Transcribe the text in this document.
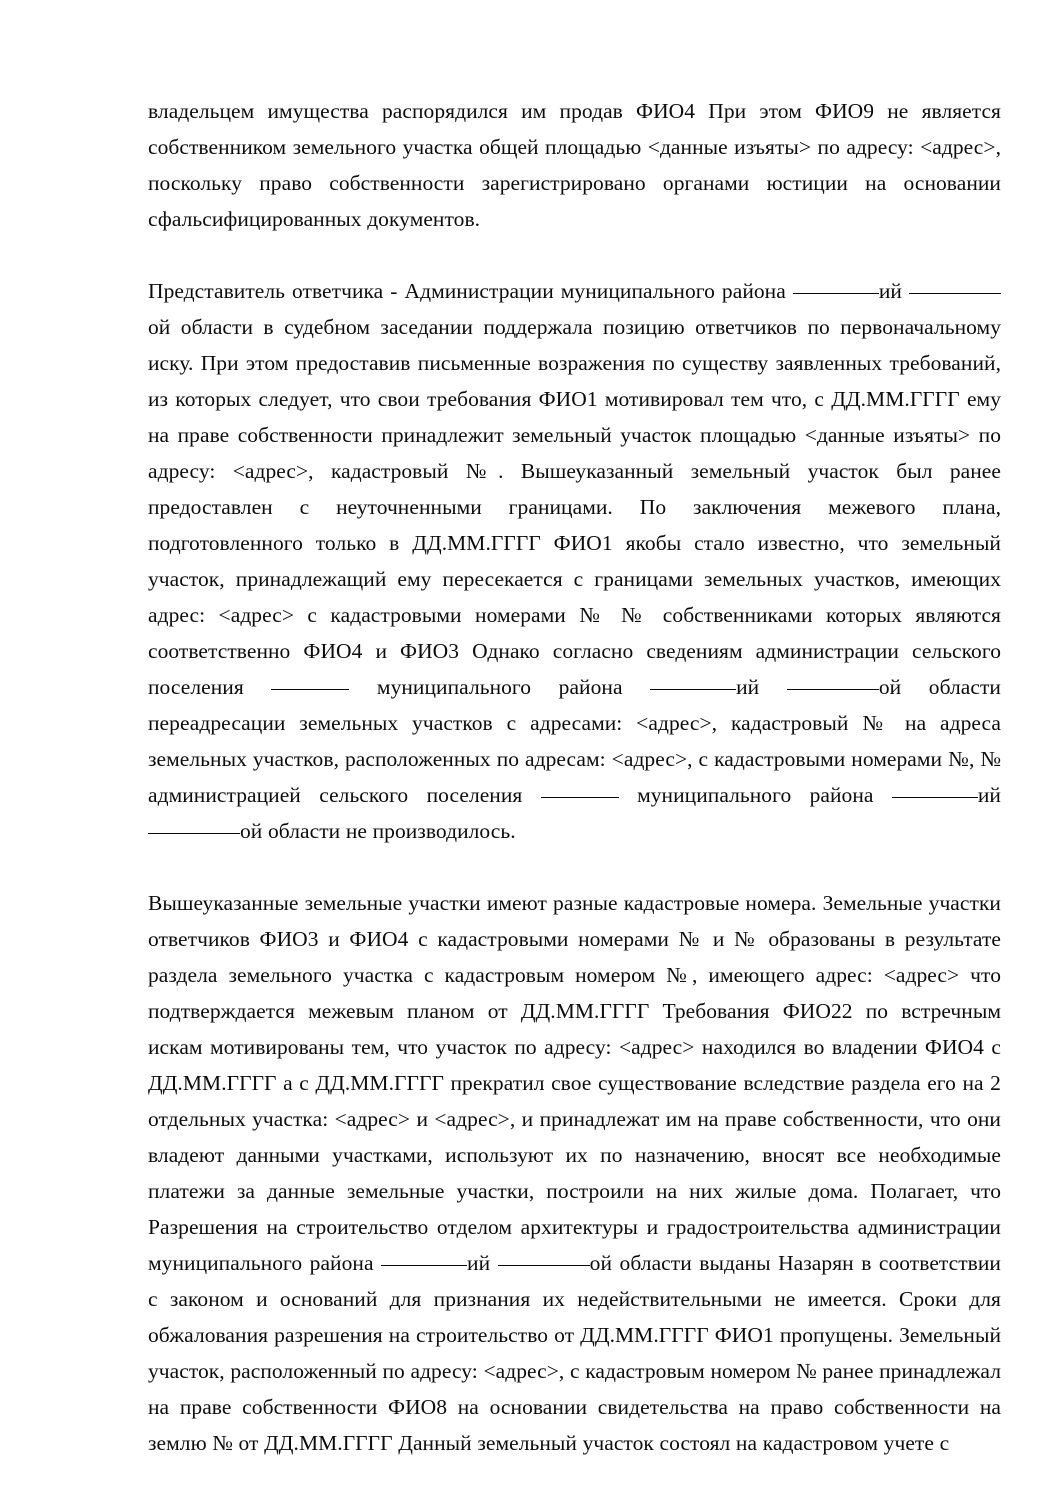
владельцем имущества распорядился им продав ФИО4 При этом ФИО9 не является собственником земельного участка общей площадью <данные изъяты> по адресу: <адрес>, поскольку право собственности зарегистрировано органами юстиции на основании сфальсифицированных документов.

Представитель ответчика - Администрации муниципального района	ий  ой области в судебном заседании поддержала позицию ответчиков по первоначальному иску. При этом предоставив письменные возражения по существу заявленных требований, из которых следует, что свои требования ФИО1 мотивировал тем что, с ДД.ММ.ГГГГ ему на праве собственности принадлежит земельный участок площадью <данные изъяты> по адресу: <адрес>, кадастровый №. Вышеуказанный земельный участок был ранее предоставлен с неуточненными границами. По заключения межевого плана, подготовленного только в ДД.ММ.ГГГГ ФИО1 якобы стало известно, что земельный участок, принадлежащий ему пересекается с границами земельных участков, имеющих адрес: <адрес> с кадастровыми номерами № № собственниками которых являются соответственно ФИО4 и ФИО3 Однако согласно сведениям администрации сельского поселения	муниципального района	ий	ой области переадресации земельных участков с адресами: <адрес>, кадастровый № на адреса земельных участков, расположенных по адресам: <адрес>, с кадастровыми номерами №, № администрацией сельского поселения	муниципального района	ий  ой области не производилось.

Вышеуказанные земельные участки имеют разные кадастровые номера. Земельные участки ответчиков ФИО3 и ФИО4 с кадастровыми номерами № и № образованы в результате раздела земельного участка с кадастровым номером №, имеющего адрес: <адрес> что подтверждается межевым планом от ДД.ММ.ГГГГ Требования ФИО22 по встречным искам мотивированы тем, что участок по адресу: <адрес> находился во владении ФИО4 с ДД.ММ.ГГГГ а с ДД.ММ.ГГГГ прекратил свое существование вследствие раздела его на 2 отдельных участка: <адрес> и <адрес>, и принадлежат им на праве собственности, что они владеют данными участками, используют их по назначению, вносят все необходимые платежи за данные земельные участки, построили на них жилые дома. Полагает, что Разрешения на строительство отделом архитектуры и градостроительства администрации муниципального района	ий	ой области выданы Назарян в соответствии с законом и оснований для признания их недействительными не имеется. Сроки для обжалования разрешения на строительство от ДД.ММ.ГГГГ ФИО1 пропущены. Земельный участок, расположенный по адресу: <адрес>, с кадастровым номером № ранее принадлежал на праве собственности ФИО8 на основании свидетельства на право собственности на землю № от ДД.ММ.ГГГГ Данный земельный участок состоял на кадастровом учете с
